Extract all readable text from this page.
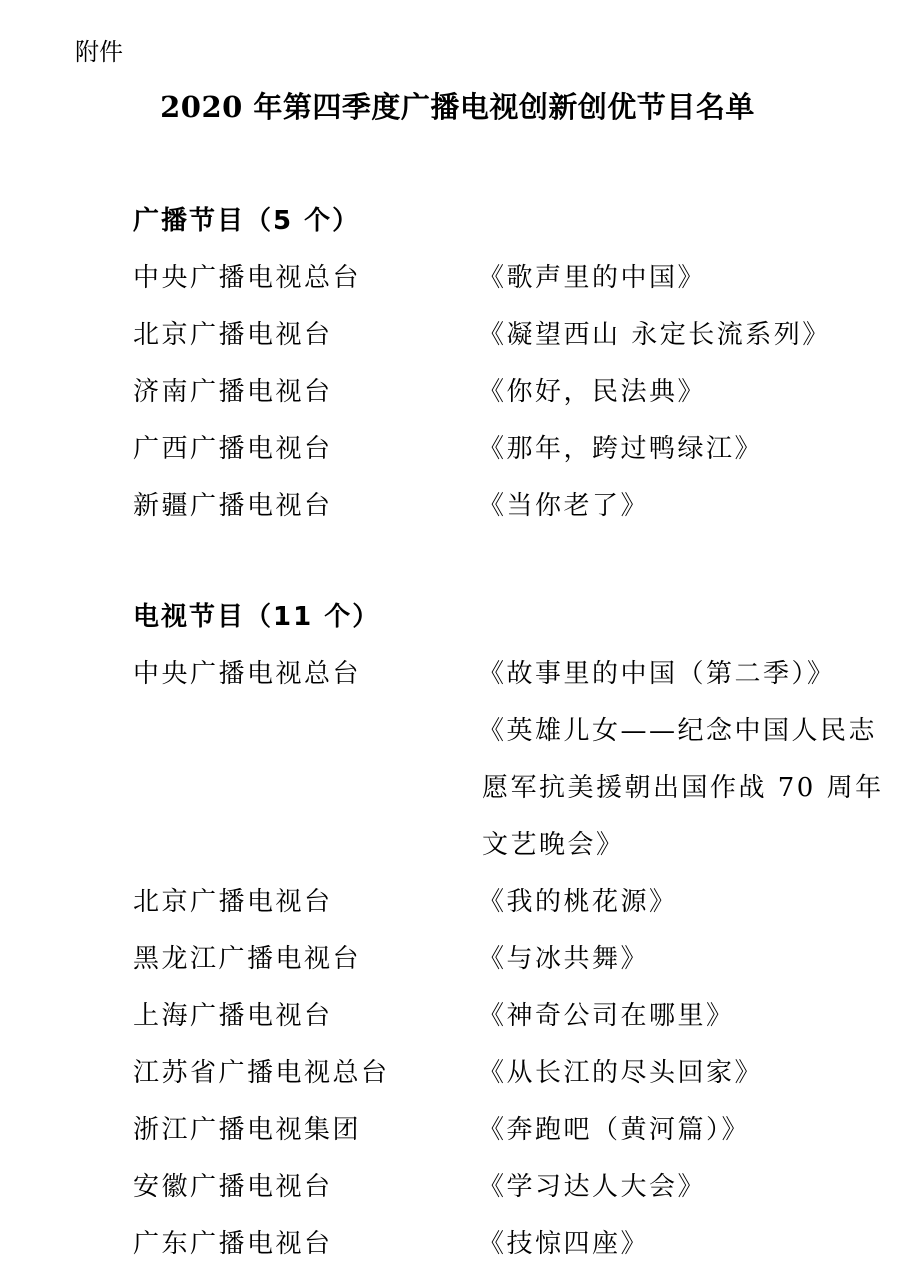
附件
2020 年第四季度广播电视创新创优节目名单
广播节目（5 个）
中央广播电视总台	《歌声里的中国》
北京广播电视台	《凝望西山 永定长流系列》
济南广播电视台	《你好，民法典》
广西广播电视台	《那年，跨过鸭绿江》
新疆广播电视台	《当你老了》
电视节目（11 个）
中央广播电视总台	《故事里的中国（第二季）》
《英雄儿女——纪念中国人民志
愿军抗美援朝出国作战 70 周年
文艺晚会》
北京广播电视台	《我的桃花源》
黑龙江广播电视台	《与冰共舞》
上海广播电视台	《神奇公司在哪里》
江苏省广播电视总台	《从长江的尽头回家》
浙江广播电视集团	《奔跑吧（黄河篇）》
安徽广播电视台	《学习达人大会》
广东广播电视台	《技惊四座》
